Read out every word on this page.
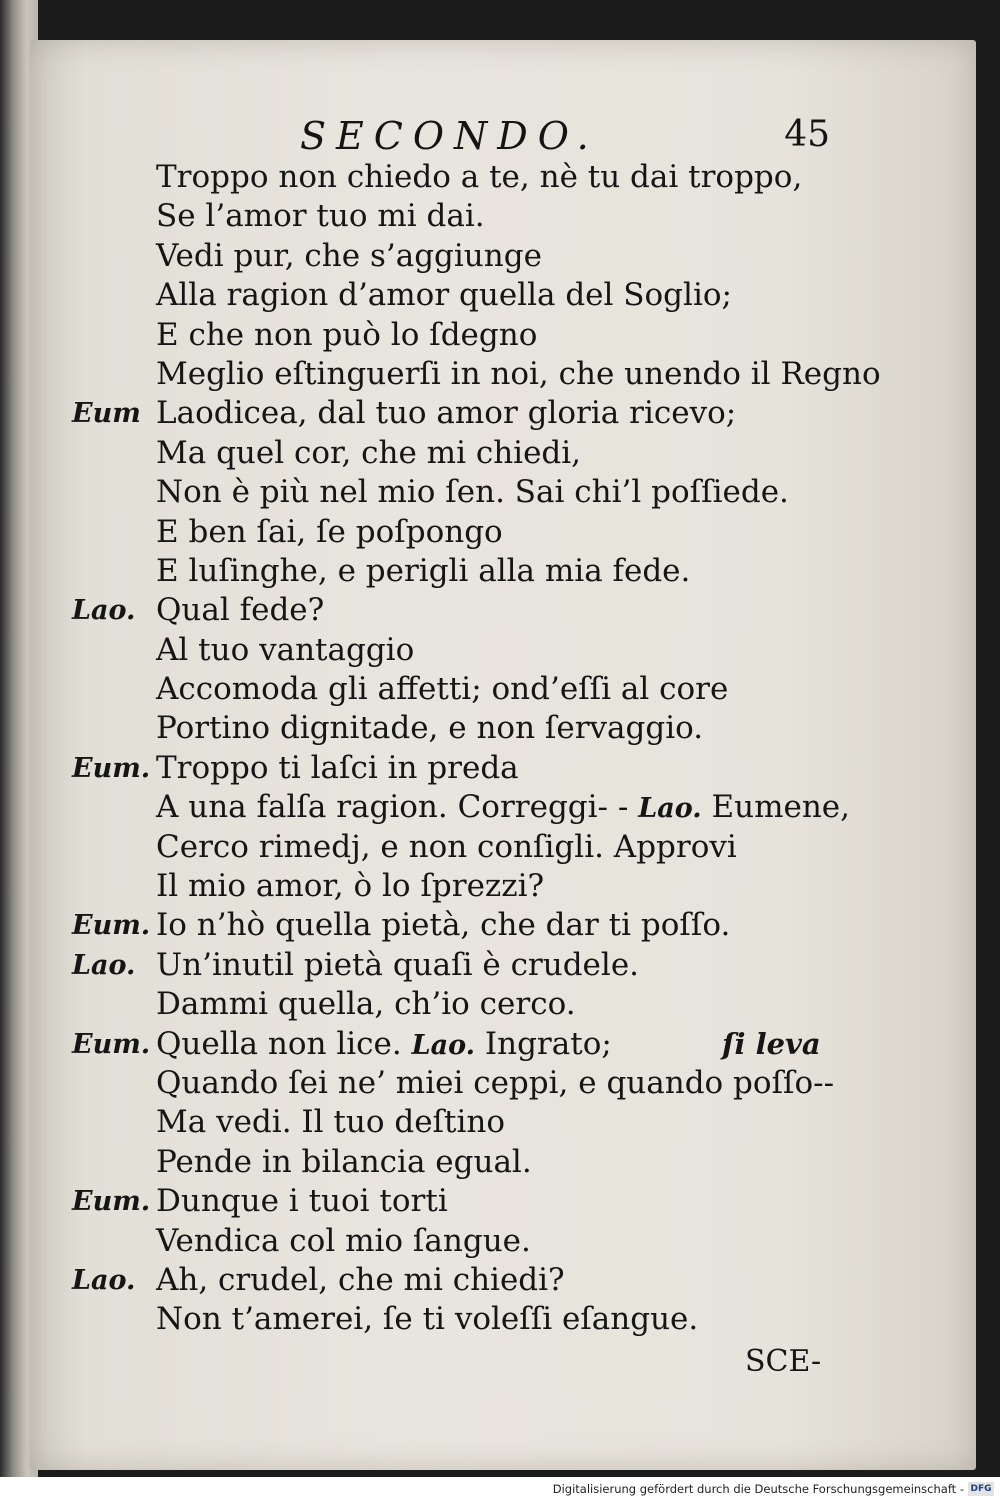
SECONDO.	45
Troppo non chiedo a te, nè tu dai troppo,
Se l’amor tuo mi dai.
Vedi pur, che s’aggiunge
Alla ragion d’amor quella del Soglio;
E che non può lo ſdegno
Meglio eſtinguerſi in noi, che unendo il Regno
Eum Laodicea, dal tuo amor gloria ricevo;
Ma quel cor, che mi chiedi,
Non è più nel mio ſen. Sai chi’l poſſiede.
E ben ſai, ſe poſpongo
E luſinghe, e perigli alla mia fede.
Lao. Qual fede?
Al tuo vantaggio
Accomoda gli affetti; ond’eſſi al core
Portino dignitade, e non ſervaggio.
Eum. Troppo ti laſci in preda
A una falſa ragion. Correggi- - Lao. Eumene,
Cerco rimedj, e non conſigli. Approvi
Il mio amor, ò lo ſprezzi?
Eum. Io n’hò quella pietà, che dar ti poſſo.
Lao. Un’inutil pietà quaſi è crudele.
Dammi quella, ch’io cerco.
Eum. Quella non lice. Lao. Ingrato;	ſi leva
Quando ſei ne’ miei ceppi, e quando poſſo--
Ma vedi. Il tuo deſtino
Pende in bilancia egual.
Eum. Dunque i tuoi torti
Vendica col mio ſangue.
Lao. Ah, crudel, che mi chiedi?
Non t’amerei, ſe ti voleſſi eſangue.
SCE-
Digitalisierung gefördert durch die Deutsche Forschungsgemeinschaft - DFG
